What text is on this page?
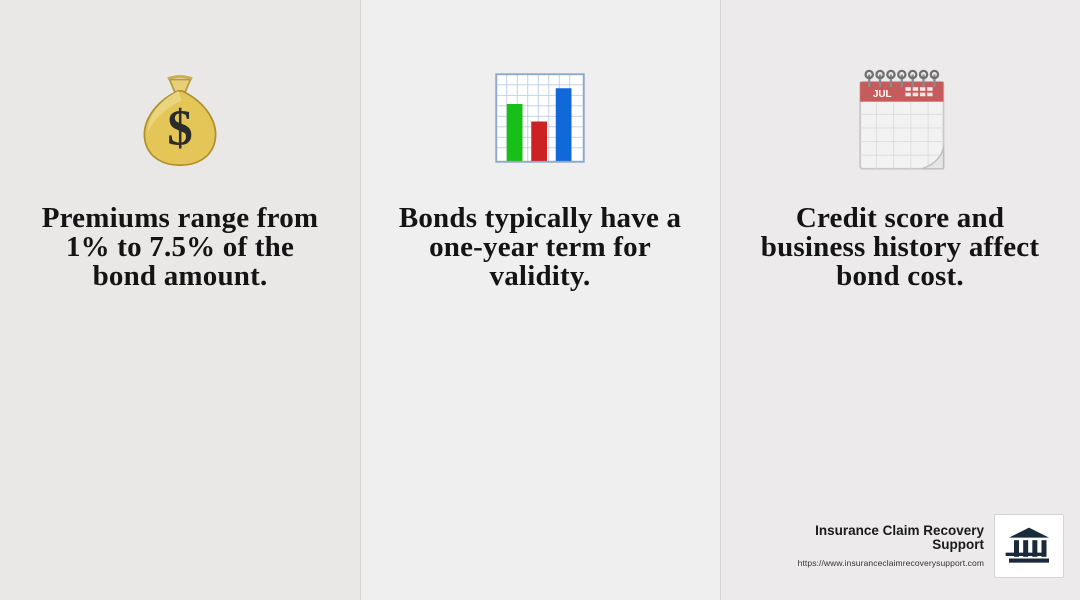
$
Premiums range from 1% to 7.5% of the bond amount.
Bonds typically have a one-year term for validity.
JUL
Credit score and business history affect bond cost.
Insurance Claim Recovery Support
https://www.insuranceclaimrecoverysupport.com
